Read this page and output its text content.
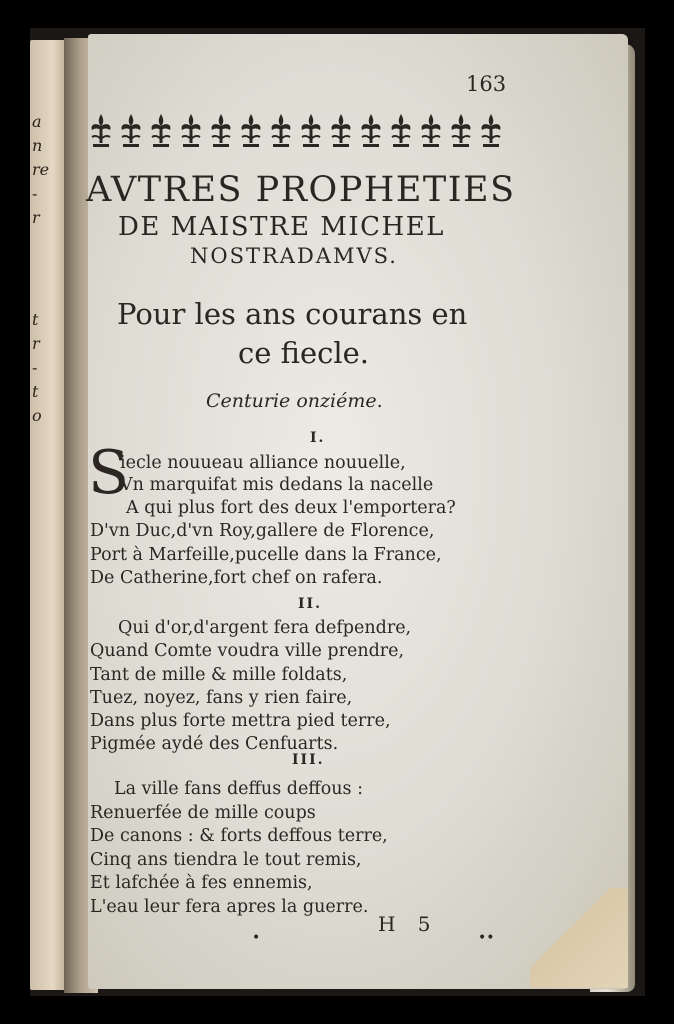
a
n
re
-
r
t
r
-
t
o
163
AVTRES PROPHETIES
DE MAISTRE MICHEL
NOSTRADAMVS.
Pour les ans courans en
ce fiecle.
Centurie onziéme.
I.
S
iecle nouueau alliance nouuelle,
Vn marquifat mis dedans la nacelle
A qui plus fort des deux l'emportera?
D'vn Duc,d'vn Roy,gallere de Florence,
Port à Marfeille,pucelle dans la France,
De Catherine,fort chef on rafera.
II.
Qui d'or,d'argent fera defpendre,
Quand Comte voudra ville prendre,
Tant de mille & mille foldats,
Tuez, noyez, fans y rien faire,
Dans plus forte mettra pied terre,
Pigmée aydé des Cenfuarts.
III.
La ville fans deffus deffous :
Renuerfée de mille coups
De canons : & forts deffous terre,
Cinq ans tiendra le tout remis,
Et lafchée à fes ennemis,
L'eau leur fera apres la guerre.
H 5
•	••
